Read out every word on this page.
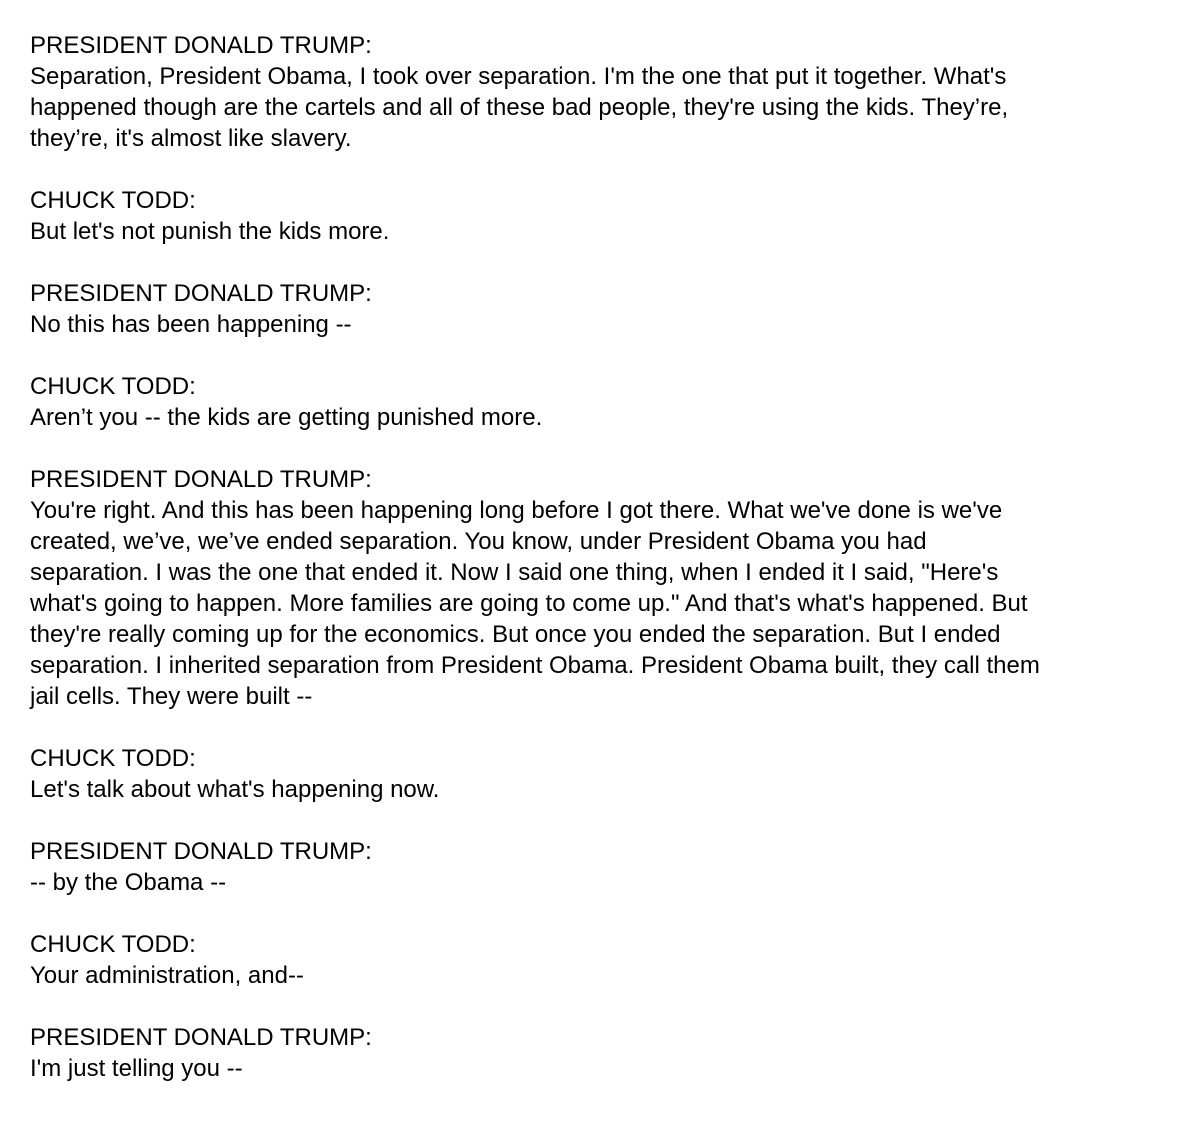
PRESIDENT DONALD TRUMP:
Separation, President Obama, I took over separation. I'm the one that put it together. What's
happened though are the cartels and all of these bad people, they're using the kids. They’re,
they’re, it's almost like slavery.
CHUCK TODD:
But let's not punish the kids more.
PRESIDENT DONALD TRUMP:
No this has been happening --
CHUCK TODD:
Aren’t you -- the kids are getting punished more.
PRESIDENT DONALD TRUMP:
You're right. And this has been happening long before I got there. What we've done is we've
created, we’ve, we’ve ended separation. You know, under President Obama you had
separation. I was the one that ended it. Now I said one thing, when I ended it I said, "Here's
what's going to happen. More families are going to come up." And that's what's happened. But
they're really coming up for the economics. But once you ended the separation. But I ended
separation. I inherited separation from President Obama. President Obama built, they call them
jail cells. They were built --
CHUCK TODD:
Let's talk about what's happening now.
PRESIDENT DONALD TRUMP:
-- by the Obama --
CHUCK TODD:
Your administration, and--
PRESIDENT DONALD TRUMP:
I'm just telling you --
